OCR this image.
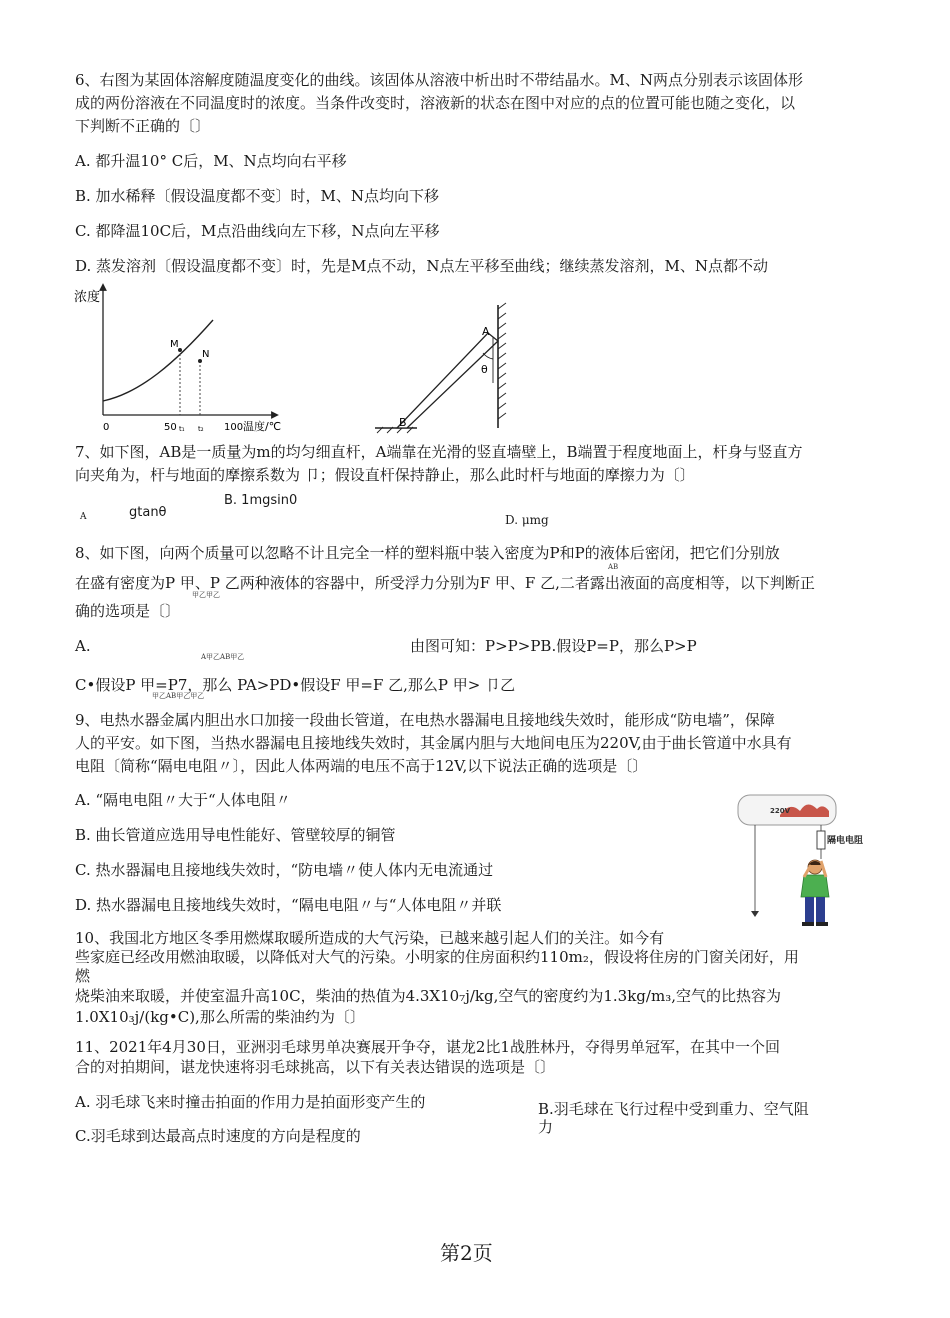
6、右图为某固体溶解度随温度变化的曲线。该固体从溶液中析出时不带结晶水。M、N两点分别表示该固体形
成的两份溶液在不同温度时的浓度。当条件改变时，溶液新的状态在图中对应的点的位置可能也随之变化，以
下判断不正确的〔〕
A. 都升温10° C后，M、N点均向右平移
B. 加水稀释〔假设温度都不变〕时，M、N点均向下移
C. 都降温10C后，M点沿曲线向左下移，N点向左平移
D. 蒸发溶剂〔假设温度都不变〕时，先是M点不动，N点左平移至曲线；继续蒸发溶剂，M、N点都不动
浓度
M
N
0	50 t₁ t₂ 100 温度/℃
A
B
θ
7、如下图，AB是一质量为m的均匀细直杆，A端靠在光滑的竖直墙壁上，B端置于程度地面上，杆身与竖直方
向夹角为，杆与地面的摩擦系数为 卩；假设直杆保持静止，那么此时杆与地面的摩擦力为〔〕
B. 1mgsin0
A	gtanθ	D. μmg
8、如下图，向两个质量可以忽略不计且完全一样的塑料瓶中装入密度为P和P的液体后密闭，把它们分别放
AB
在盛有密度为P 甲、P 乙两种液体的容器中，所受浮力分别为F 甲、F 乙,二者露出液面的高度相等，以下判断正
甲乙甲乙
确的选项是〔〕
A.
A甲乙AB甲乙
由图可知：P>P>PB.假设P=P，那么P>P
C•假设P 甲=P7，那么 PA>PD•假设F 甲=F 乙,那么P 甲> 卩乙
甲乙AB甲乙甲乙
9、电热水器金属内胆出水口加接一段曲长管道，在电热水器漏电且接地线失效时，能形成“防电墙”，保障
人的平安。如下图，当热水器漏电且接地线失效时，其金属内胆与大地间电压为220V,由于曲长管道中水具有
电阻〔简称“隔电电阻〃〕，因此人体两端的电压不高于12V,以下说法正确的选项是〔〕
A. “隔电电阻〃大于“人体电阻〃
B. 曲长管道应选用导电性能好、管壁较厚的铜管
C. 热水器漏电且接地线失效时，“防电墙〃使人体内无电流通过
D. 热水器漏电且接地线失效时，“隔电电阻〃与“人体电阻〃并联
220V
隔电电阻
10、我国北方地区冬季用燃煤取暖所造成的大气污染，已越来越引起人们的关注。如今有
些家庭已经改用燃油取暖，以降低对大气的污染。小明家的住房面积约110m₂，假设将住房的门窗关闭好，用
燃
烧柴油来取暖，并使室温升高10C，柴油的热值为4.3X10₇j/kg,空气的密度约为1.3kg/m₃,空气的比热容为
1.0X10₃j/(kg•C),那么所需的柴油约为〔〕
11、2021年4月30日，亚洲羽毛球男单决赛展开争夺，谌龙2比1战胜林丹，夺得男单冠军，在其中一个回
合的对拍期间，谌龙快速将羽毛球挑高，以下有关表达错误的选项是〔〕
A. 羽毛球飞来时撞击拍面的作用力是拍面形变产生的	B.羽毛球在飞行过程中受到重力、空气阻
力
C.羽毛球到达最高点时速度的方向是程度的
第2页
